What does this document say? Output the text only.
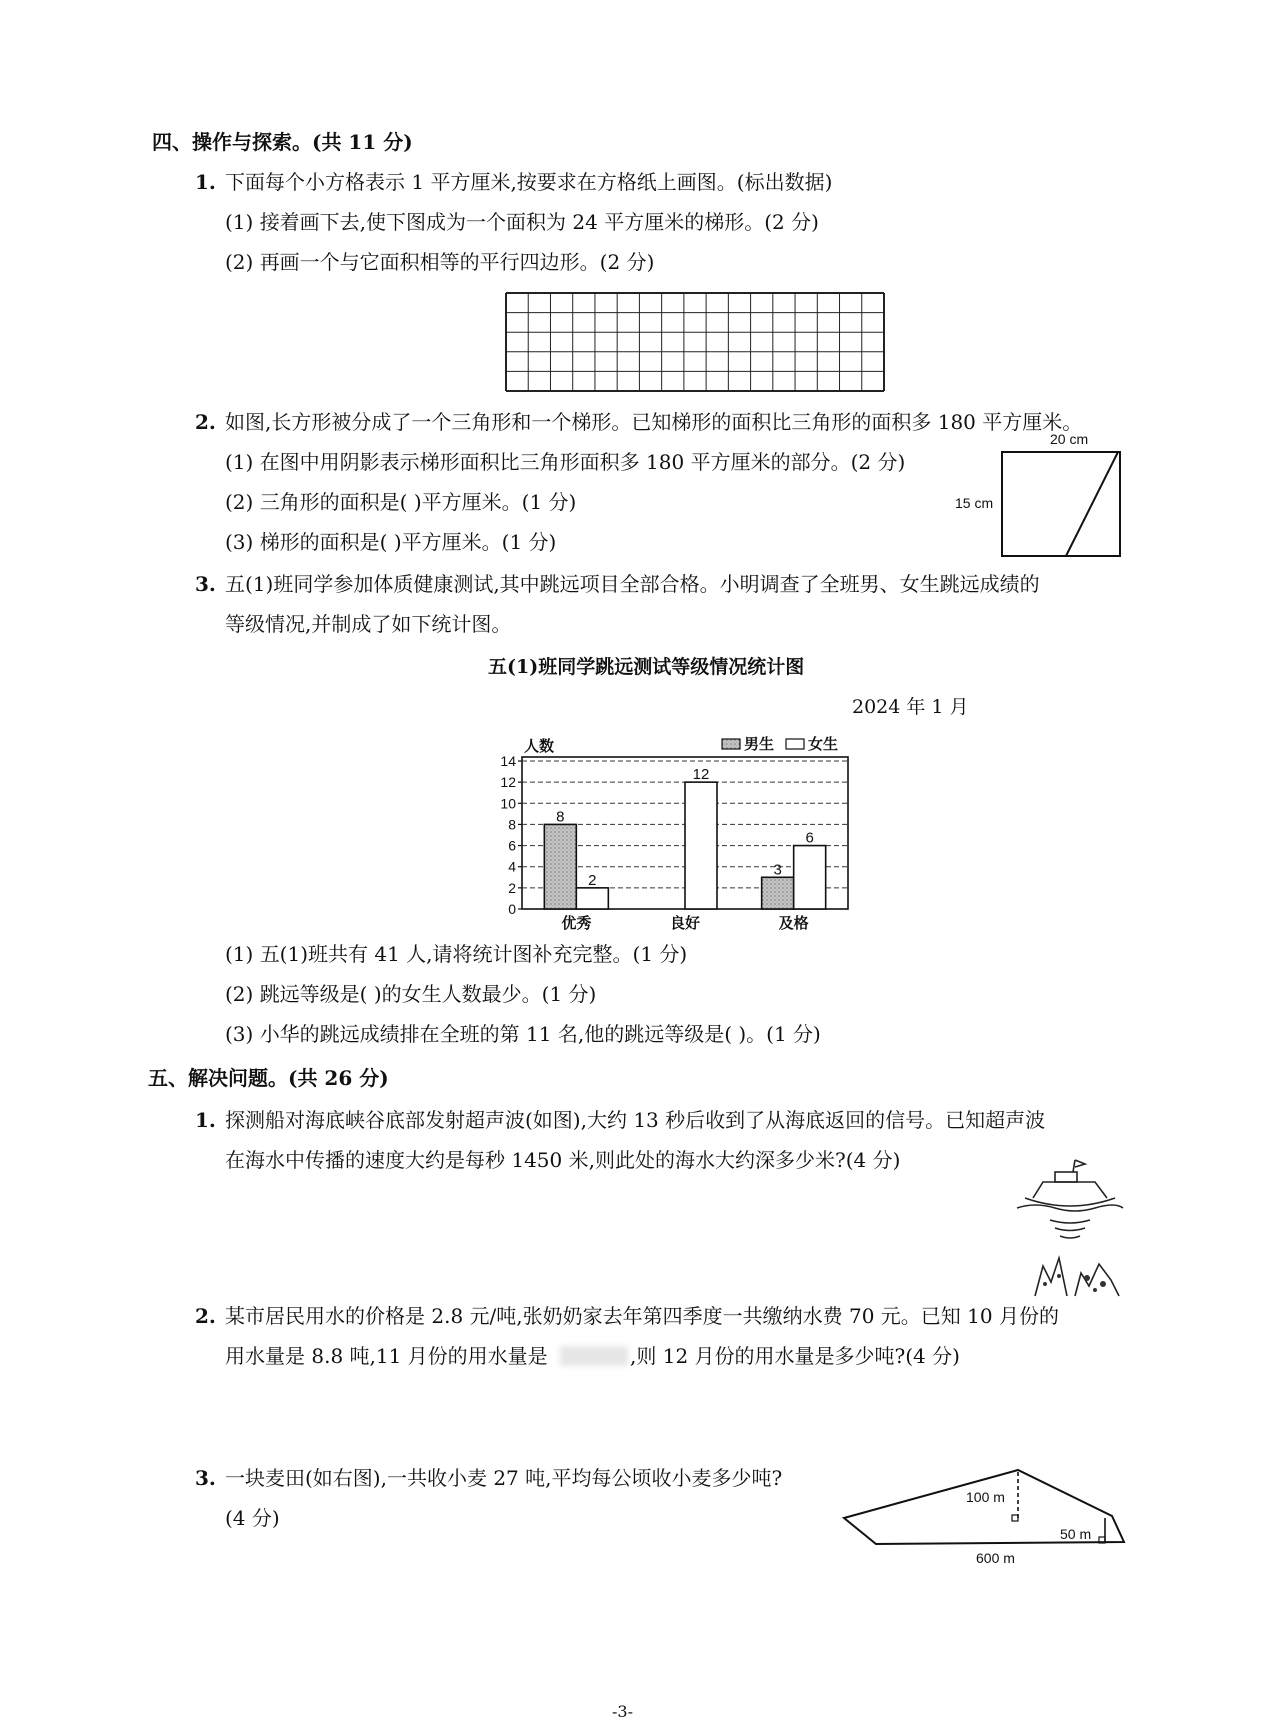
四、操作与探索。(共 11 分)
1. 下面每个小方格表示 1 平方厘米,按要求在方格纸上画图。(标出数据)
(1) 接着画下去,使下图成为一个面积为 24 平方厘米的梯形。(2 分)
(2) 再画一个与它面积相等的平行四边形。(2 分)
2. 如图,长方形被分成了一个三角形和一个梯形。已知梯形的面积比三角形的面积多 180 平方厘米。
(1) 在图中用阴影表示梯形面积比三角形面积多 180 平方厘米的部分。(2 分)
(2) 三角形的面积是( )平方厘米。(1 分)
(3) 梯形的面积是( )平方厘米。(1 分)
20 cm
15 cm
3. 五(1)班同学参加体质健康测试,其中跳远项目全部合格。小明调查了全班男、女生跳远成绩的
等级情况,并制成了如下统计图。
五(1)班同学跳远测试等级情况统计图
2024 年 1 月
0
2
4
6
8
10
12
14
人数	男生 女生
8
2
优秀
12
良好
3
6
及格
(1) 五(1)班共有 41 人,请将统计图补充完整。(1 分)
(2) 跳远等级是( )的女生人数最少。(1 分)
(3) 小华的跳远成绩排在全班的第 11 名,他的跳远等级是( )。(1 分)
五、解决问题。(共 26 分)
1. 探测船对海底峡谷底部发射超声波(如图),大约 13 秒后收到了从海底返回的信号。已知超声波
在海水中传播的速度大约是每秒 1450 米,则此处的海水大约深多少米?(4 分)
2. 某市居民用水的价格是 2.8 元/吨,张奶奶家去年第四季度一共缴纳水费 70 元。已知 10 月份的
用水量是 8.8 吨,11 月份的用水量是	,则 12 月份的用水量是多少吨?(4 分)
3. 一块麦田(如右图),一共收小麦 27 吨,平均每公顷收小麦多少吨?
(4 分)
100 m
50 m
600 m
-3-
